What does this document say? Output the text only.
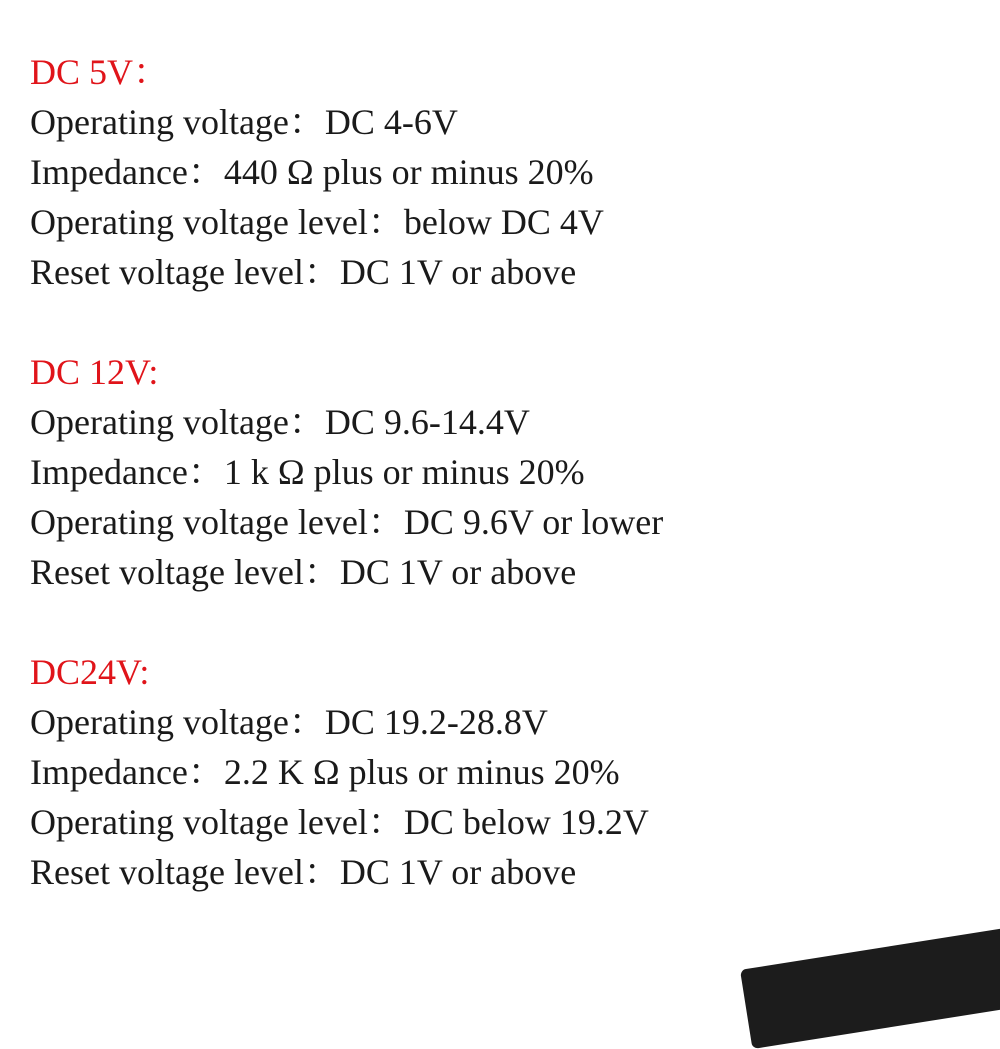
DC 5V：
Operating voltage：DC 4-6V
Impedance：440 Ω plus or minus 20%
Operating voltage level：below DC 4V
Reset voltage level：DC 1V or above
DC 12V:
Operating voltage：DC 9.6-14.4V
Impedance：1 k Ω plus or minus 20%
Operating voltage level：DC 9.6V or lower
Reset voltage level：DC 1V or above
DC24V:
Operating voltage：DC 19.2-28.8V
Impedance：2.2 K Ω plus or minus 20%
Operating voltage level：DC below 19.2V
Reset voltage level：DC 1V or above
